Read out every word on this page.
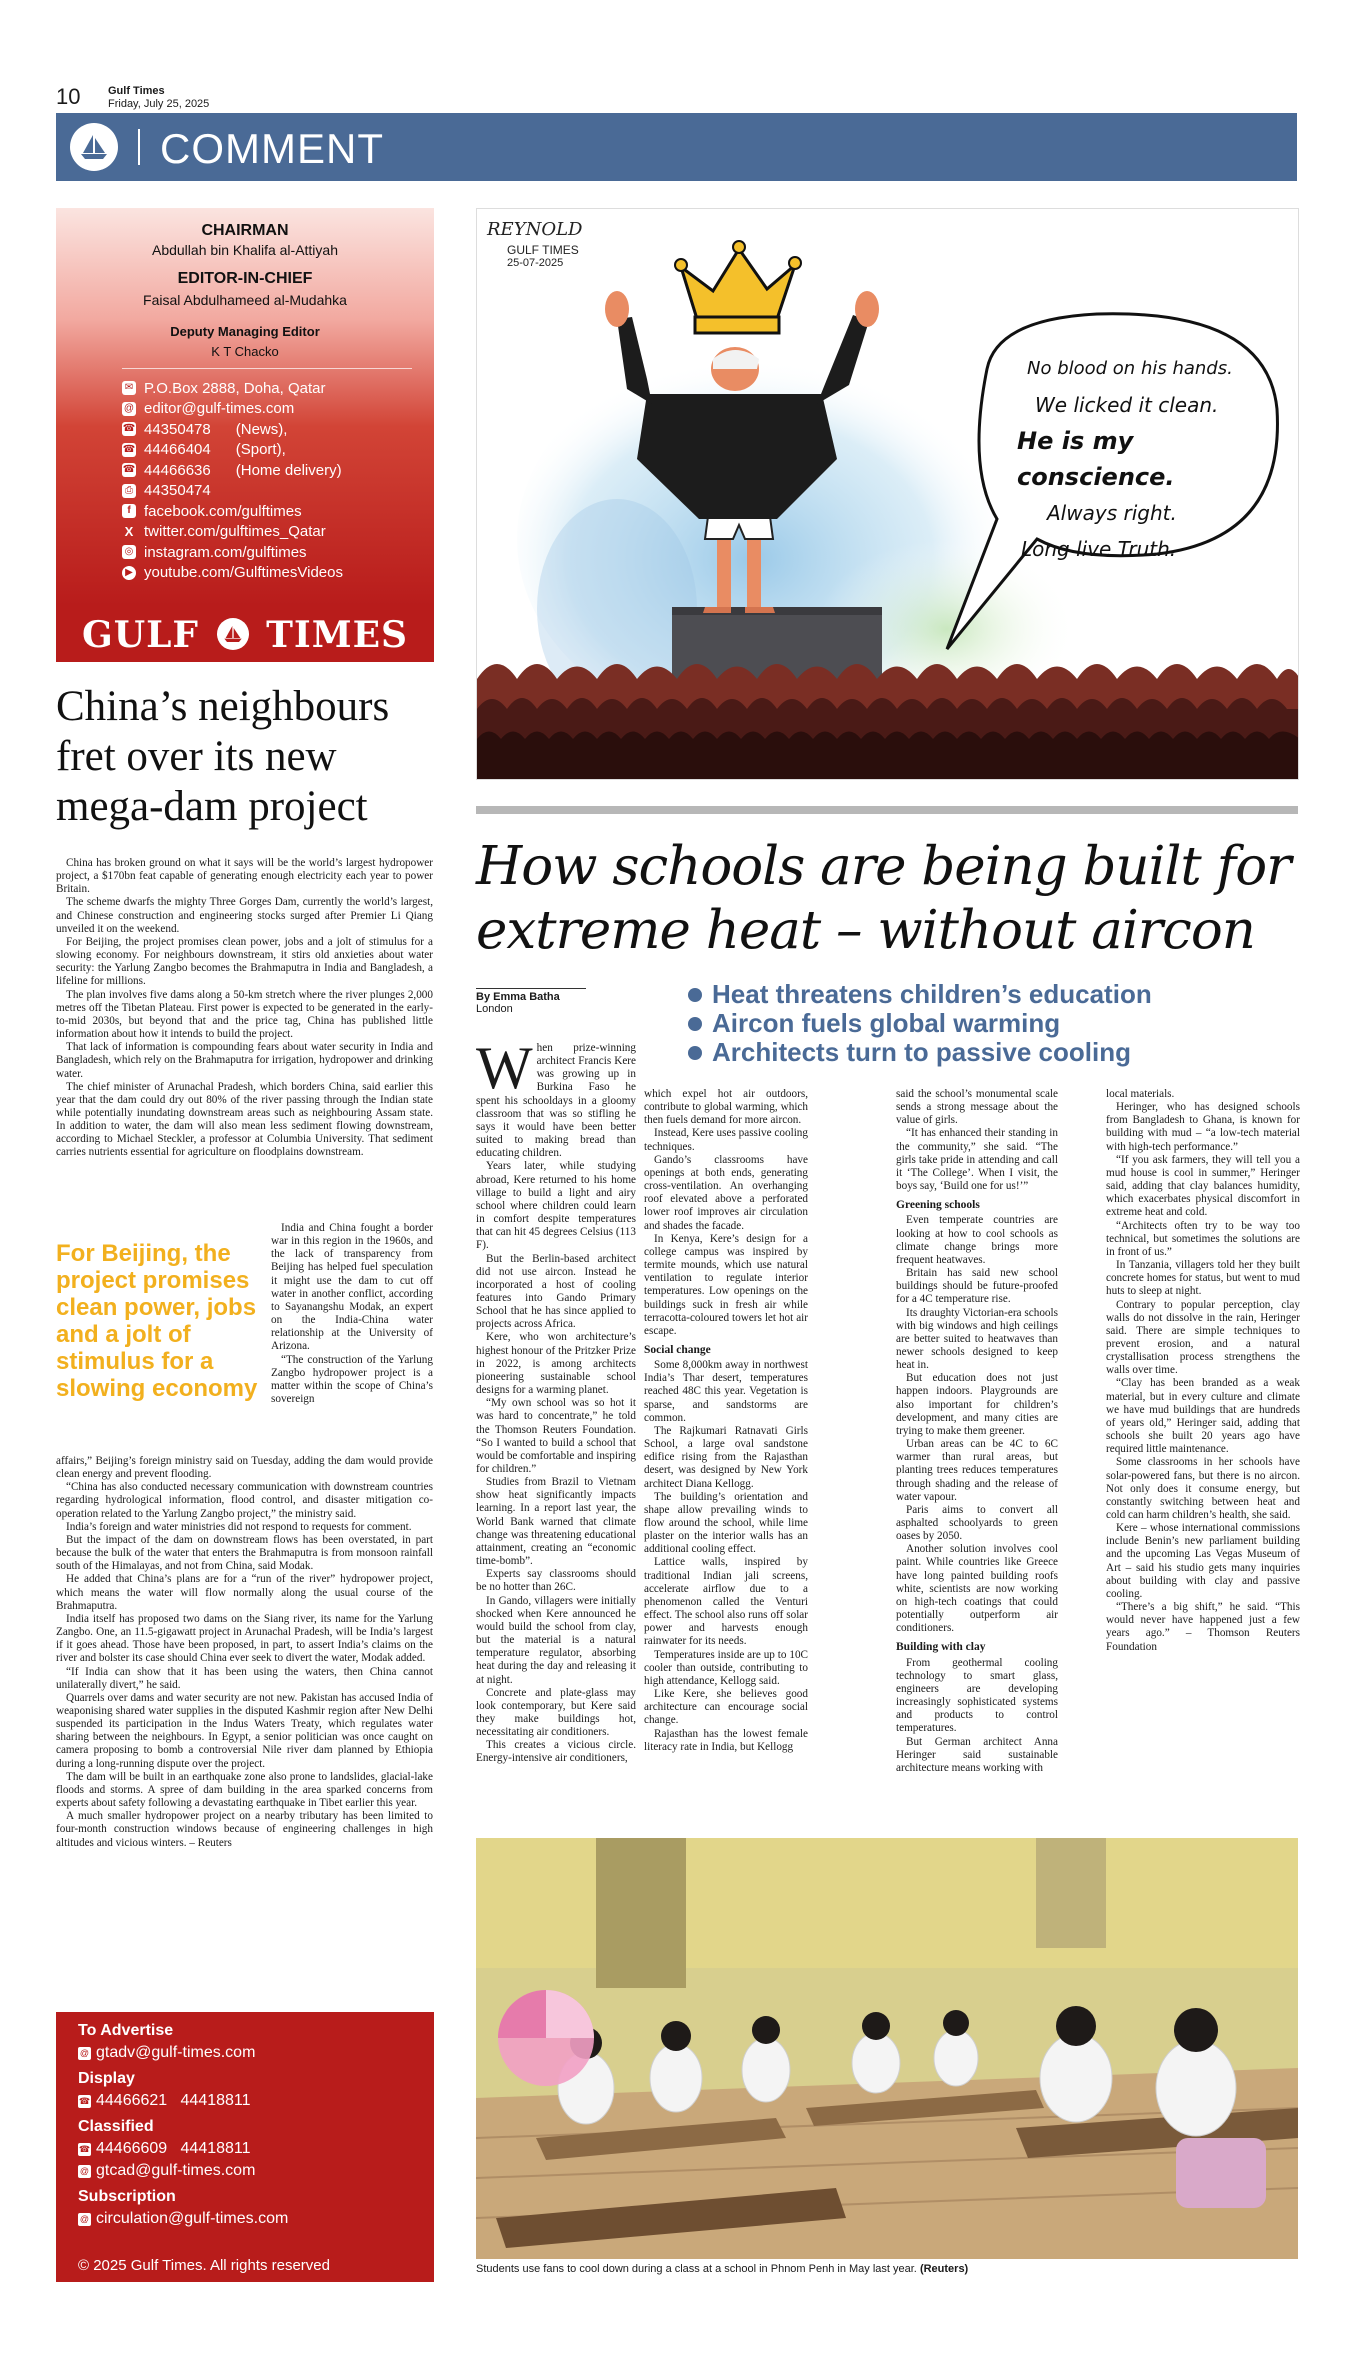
10	Gulf Times
Friday, July 25, 2025
COMMENT
CHAIRMAN
Abdullah bin Khalifa al-Attiyah
EDITOR-IN-CHIEF
Faisal Abdulhameed al-Mudahka
Deputy Managing Editor
K T Chacko
✉ P.O.Box 2888, Doha, Qatar
@ editor@gulf-times.com
☎ 44350478      (News),
☎ 44466404      (Sport),
☎ 44466636      (Home delivery)
⎙ 44350474
f facebook.com/gulftimes
X twitter.com/gulftimes_Qatar
◎ instagram.com/gulftimes
▶ youtube.com/GulftimesVideos
GULF TIMES
China’s neighbours fret over its new mega-dam project

China has broken ground on what it says will be the world’s largest hydropower project, a $170bn feat capable of generating enough electricity each year to power Britain.

The scheme dwarfs the mighty Three Gorges Dam, currently the world’s largest, and Chinese construction and engineering stocks surged after Premier Li Qiang unveiled it on the weekend.

For Beijing, the project promises clean power, jobs and a jolt of stimulus for a slowing economy. For neighbours downstream, it stirs old anxieties about water security: the Yarlung Zangbo becomes the Brahmaputra in India and Bangladesh, a lifeline for millions.

The plan involves five dams along a 50-km stretch where the river plunges 2,000 metres off the Tibetan Plateau. First power is expected to be generated in the early-to-mid 2030s, but beyond that and the price tag, China has published little information about how it intends to build the project.

That lack of information is compounding fears about water security in India and Bangladesh, which rely on the Brahmaputra for irrigation, hydropower and drinking water.

The chief minister of Arunachal Pradesh, which borders China, said earlier this year that the dam could dry out 80% of the river passing through the Indian state while potentially inundating downstream areas such as neighbouring Assam state. In addition to water, the dam will also mean less sediment flowing downstream, according to Michael Steckler, a professor at Columbia University. That sediment carries nutrients essential for agriculture on floodplains downstream.

For Beijing, the project promises clean power, jobs and a jolt of stimulus for a slowing economy

India and China fought a border war in this region in the 1960s, and the lack of transparency from Beijing has helped fuel speculation it might use the dam to cut off water in another conflict, according to Sayanangshu Modak, an expert on the India-China water relationship at the University of Arizona.

“The construction of the Yarlung Zangbo hydropower project is a matter within the scope of China’s sovereign

affairs,” Beijing’s foreign ministry said on Tuesday, adding the dam would provide clean energy and prevent flooding.

“China has also conducted necessary communication with downstream countries regarding hydrological information, flood control, and disaster mitigation co-operation related to the Yarlung Zangbo project,” the ministry said.

India’s foreign and water ministries did not respond to requests for comment.

But the impact of the dam on downstream flows has been overstated, in part because the bulk of the water that enters the Brahmaputra is from monsoon rainfall south of the Himalayas, and not from China, said Modak.

He added that China’s plans are for a “run of the river” hydropower project, which means the water will flow normally along the usual course of the Brahmaputra.

India itself has proposed two dams on the Siang river, its name for the Yarlung Zangbo. One, an 11.5-gigawatt project in Arunachal Pradesh, will be India’s largest if it goes ahead. Those have been proposed, in part, to assert India’s claims on the river and bolster its case should China ever seek to divert the water, Modak added.

“If India can show that it has been using the waters, then China cannot unilaterally divert,” he said.

Quarrels over dams and water security are not new. Pakistan has accused India of weaponising shared water supplies in the disputed Kashmir region after New Delhi suspended its participation in the Indus Waters Treaty, which regulates water sharing between the neighbours. In Egypt, a senior politician was once caught on camera proposing to bomb a controversial Nile river dam planned by Ethiopia during a long-running dispute over the project.

The dam will be built in an earthquake zone also prone to landslides, glacial-lake floods and storms. A spree of dam building in the area sparked concerns from experts about safety following a devastating earthquake in Tibet earlier this year.

A much smaller hydropower project on a nearby tributary has been limited to four-month construction windows because of engineering challenges in high altitudes and vicious winters. – Reuters

To Advertise
@ gtadv@gulf-times.com
Display
☎ 44466621   44418811
Classified
☎ 44466609   44418811
@ gtcad@gulf-times.com
Subscription
@ circulation@gulf-times.com
© 2025 Gulf Times. All rights reserved
REYNOLD
GULF TIMES
25-07-2025
No blood on his hands.
We licked it clean.
He is my conscience.
Always right.
Long live Truth.
How schools are being built for extreme heat – without aircon
By Emma Batha
London	Heat threatens children’s education
Aircon fuels global warming
Architects turn to passive cooling

When prize-winning architect Francis Kere was growing up in Burkina Faso he spent his schooldays in a gloomy classroom that was so stifling he says it would have been better suited to making bread than educating children.

Years later, while studying abroad, Kere returned to his home village to build a light and airy school where children could learn in comfort despite temperatures that can hit 45 degrees Celsius (113 F).

But the Berlin-based architect did not use aircon. Instead he incorporated a host of cooling features into Gando Primary School that he has since applied to projects across Africa.

Kere, who won architecture’s highest honour of the Pritzker Prize in 2022, is among architects pioneering sustainable school designs for a warming planet.

“My own school was so hot it was hard to concentrate,” he told the Thomson Reuters Foundation. “So I wanted to build a school that would be comfortable and inspiring for children.”

Studies from Brazil to Vietnam show heat significantly impacts learning. In a report last year, the World Bank warned that climate change was threatening educational attainment, creating an “economic time-bomb”.

Experts say classrooms should be no hotter than 26C.

In Gando, villagers were initially shocked when Kere announced he would build the school from clay, but the material is a natural temperature regulator, absorbing heat during the day and releasing it at night.

Concrete and plate-glass may look contemporary, but Kere said they make buildings hot, necessitating air conditioners.

This creates a vicious circle. Energy-intensive air conditioners,

which expel hot air outdoors, contribute to global warming, which then fuels demand for more aircon.

Instead, Kere uses passive cooling techniques.

Gando’s classrooms have openings at both ends, generating cross-ventilation. An overhanging roof elevated above a perforated lower roof improves air circulation and shades the facade.

In Kenya, Kere’s design for a college campus was inspired by termite mounds, which use natural ventilation to regulate interior temperatures. Low openings on the buildings suck in fresh air while terracotta-coloured towers let hot air escape.

Social change

Some 8,000km away in northwest India’s Thar desert, temperatures reached 48C this year. Vegetation is sparse, and sandstorms are common.

The Rajkumari Ratnavati Girls School, a large oval sandstone edifice rising from the Rajasthan desert, was designed by New York architect Diana Kellogg.

The building’s orientation and shape allow prevailing winds to flow around the school, while lime plaster on the interior walls has an additional cooling effect.

Lattice walls, inspired by traditional Indian jali screens, accelerate airflow due to a phenomenon called the Venturi effect. The school also runs off solar power and harvests enough rainwater for its needs.

Temperatures inside are up to 10C cooler than outside, contributing to high attendance, Kellogg said.

Like Kere, she believes good architecture can encourage social change.

Rajasthan has the lowest female literacy rate in India, but Kellogg

said the school’s monumental scale sends a strong message about the value of girls.

“It has enhanced their standing in the community,” she said. “The girls take pride in attending and call it ‘The College’. When I visit, the boys say, ‘Build one for us!’”

Greening schools

Even temperate countries are looking at how to cool schools as climate change brings more frequent heatwaves.

Britain has said new school buildings should be future-proofed for a 4C temperature rise.

Its draughty Victorian-era schools with big windows and high ceilings are better suited to heatwaves than newer schools designed to keep heat in.

But education does not just happen indoors. Playgrounds are also important for children’s development, and many cities are trying to make them greener.

Urban areas can be 4C to 6C warmer than rural areas, but planting trees reduces temperatures through shading and the release of water vapour.

Paris aims to convert all asphalted schoolyards to green oases by 2050.

Another solution involves cool paint. While countries like Greece have long painted building roofs white, scientists are now working on high-tech coatings that could potentially outperform air conditioners.

Building with clay

From geothermal cooling technology to smart glass, engineers are developing increasingly sophisticated systems and products to control temperatures.

But German architect Anna Heringer said sustainable architecture means working with

local materials.

Heringer, who has designed schools from Bangladesh to Ghana, is known for building with mud – “a low-tech material with high-tech performance.”

“If you ask farmers, they will tell you a mud house is cool in summer,” Heringer said, adding that clay balances humidity, which exacerbates physical discomfort in extreme heat and cold.

“Architects often try to be way too technical, but sometimes the solutions are in front of us.”

In Tanzania, villagers told her they built concrete homes for status, but went to mud huts to sleep at night.

Contrary to popular perception, clay walls do not dissolve in the rain, Heringer said. There are simple techniques to prevent erosion, and a natural crystallisation process strengthens the walls over time.

“Clay has been branded as a weak material, but in every culture and climate we have mud buildings that are hundreds of years old,” Heringer said, adding that schools she built 20 years ago have required little maintenance.

Some classrooms in her schools have solar-powered fans, but there is no aircon. Not only does it consume energy, but constantly switching between heat and cold can harm children’s health, she said.

Kere – whose international commissions include Benin’s new parliament building and the upcoming Las Vegas Museum of Art – said his studio gets many inquiries about building with clay and passive cooling.

“There’s a big shift,” he said. “This would never have happened just a few years ago.” – Thomson Reuters Foundation

Students use fans to cool down during a class at a school in Phnom Penh in May last year. (Reuters)
